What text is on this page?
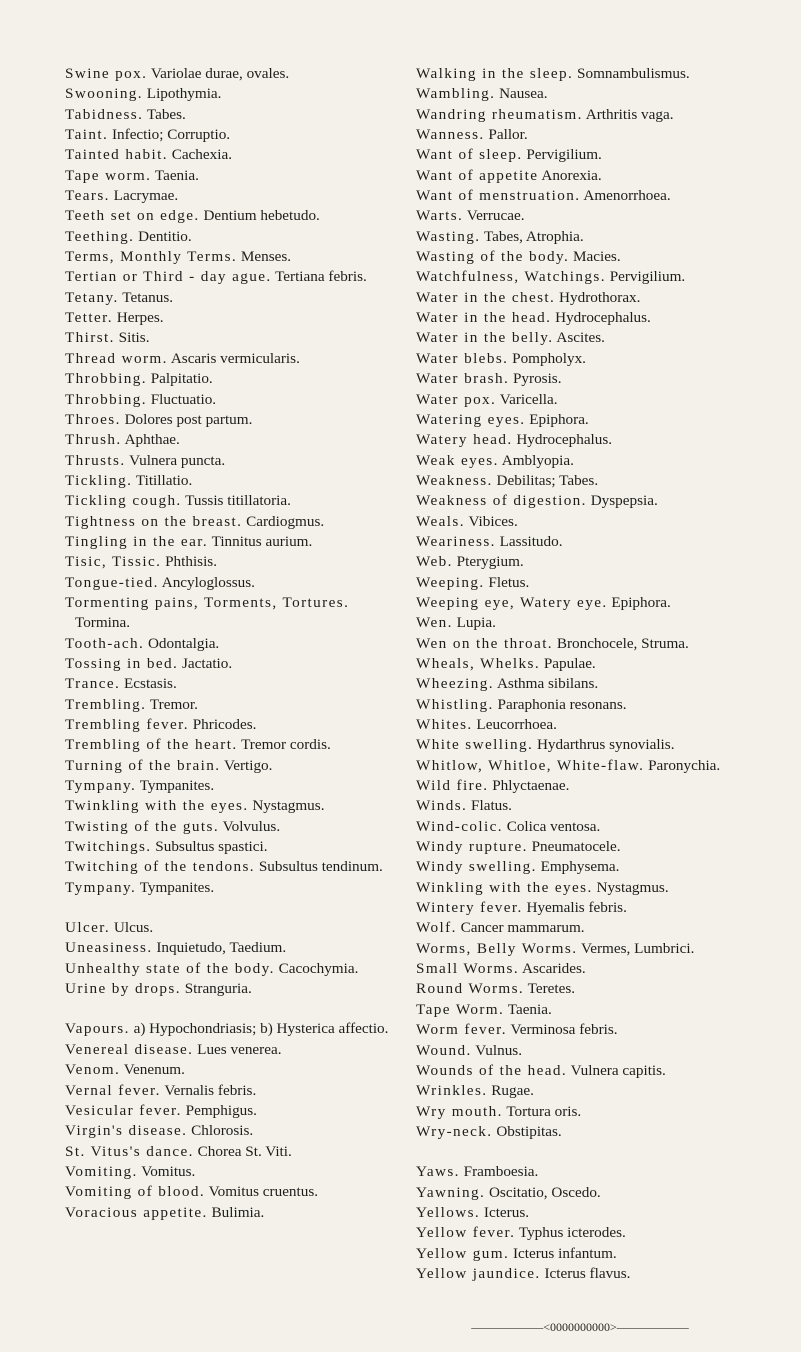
Swine pox. Variolae durae, ovales.

Swooning. Lipothymia.

Tabidness. Tabes.

Taint. Infectio; Corruptio.

Tainted habit. Cachexia.

Tape worm. Taenia.

Tears. Lacrymae.

Teeth set on edge. Dentium hebetudo.

Teething. Dentitio.

Terms, Monthly Terms. Menses.

Tertian or Third - day ague. Tertiana febris.

Tetany. Tetanus.

Tetter. Herpes.

Thirst. Sitis.

Thread worm. Ascaris vermicularis.

Throbbing. Palpitatio.

Throbbing. Fluctuatio.

Throes. Dolores post partum.

Thrush. Aphthae.

Thrusts. Vulnera puncta.

Tickling. Titillatio.

Tickling cough. Tussis titillatoria.

Tightness on the breast. Cardiogmus.

Tingling in the ear. Tinnitus aurium.

Tisic, Tissic. Phthisis.

Tongue-tied. Ancyloglossus.

Tormenting pains, Torments, Tortures. Tormina.

Tooth-ach. Odontalgia.

Tossing in bed. Jactatio.

Trance. Ecstasis.

Trembling. Tremor.

Trembling fever. Phricodes.

Trembling of the heart. Tremor cordis.

Turning of the brain. Vertigo.

Tympany. Tympanites.

Twinkling with the eyes. Nystagmus.

Twisting of the guts. Volvulus.

Twitchings. Subsultus spastici.

Twitching of the tendons. Subsultus tendinum.

Tympany. Tympanites.

Ulcer. Ulcus.

Uneasiness. Inquietudo, Taedium.

Unhealthy state of the body. Cacochymia.

Urine by drops. Stranguria.

Vapours. a) Hypochondriasis; b) Hysterica affectio.

Venereal disease. Lues venerea.

Venom. Venenum.

Vernal fever. Vernalis febris.

Vesicular fever. Pemphigus.

Virgin's disease. Chlorosis.

St. Vitus's dance. Chorea St. Viti.

Vomiting. Vomitus.

Vomiting of blood. Vomitus cruentus.

Voracious appetite. Bulimia.

Walking in the sleep. Somnambulismus.

Wambling. Nausea.

Wandring rheumatism. Arthritis vaga.

Wanness. Pallor.

Want of sleep. Pervigilium.

Want of appetite Anorexia.

Want of menstruation. Amenorrhoea.

Warts. Verrucae.

Wasting. Tabes, Atrophia.

Wasting of the body. Macies.

Watchfulness, Watchings. Pervigilium.

Water in the chest. Hydrothorax.

Water in the head. Hydrocephalus.

Water in the belly. Ascites.

Water blebs. Pompholyx.

Water brash. Pyrosis.

Water pox. Varicella.

Watering eyes. Epiphora.

Watery head. Hydrocephalus.

Weak eyes. Amblyopia.

Weakness. Debilitas; Tabes.

Weakness of digestion. Dyspepsia.

Weals. Vibices.

Weariness. Lassitudo.

Web. Pterygium.

Weeping. Fletus.

Weeping eye, Watery eye. Epiphora.

Wen. Lupia.

Wen on the throat. Bronchocele, Struma.

Wheals, Whelks. Papulae.

Wheezing. Asthma sibilans.

Whistling. Paraphonia resonans.

Whites. Leucorrhoea.

White swelling. Hydarthrus synovialis.

Whitlow, Whitloe, White-flaw. Paronychia.

Wild fire. Phlyctaenae.

Winds. Flatus.

Wind-colic. Colica ventosa.

Windy rupture. Pneumatocele.

Windy swelling. Emphysema.

Winkling with the eyes. Nystagmus.

Wintery fever. Hyemalis febris.

Wolf. Cancer mammarum.

Worms, Belly Worms. Vermes, Lumbrici.

Small Worms. Ascarides.

Round Worms. Teretes.

Tape Worm. Taenia.

Worm fever. Verminosa febris.

Wound. Vulnus.

Wounds of the head. Vulnera capitis.

Wrinkles. Rugae.

Wry mouth. Tortura oris.

Wry-neck. Obstipitas.

Yaws. Framboesia.

Yawning. Oscitatio, Oscedo.

Yellows. Icterus.

Yellow fever. Typhus icterodes.

Yellow gum. Icterus infantum.

Yellow jaundice. Icterus flavus.

——————<0000000000>——————
